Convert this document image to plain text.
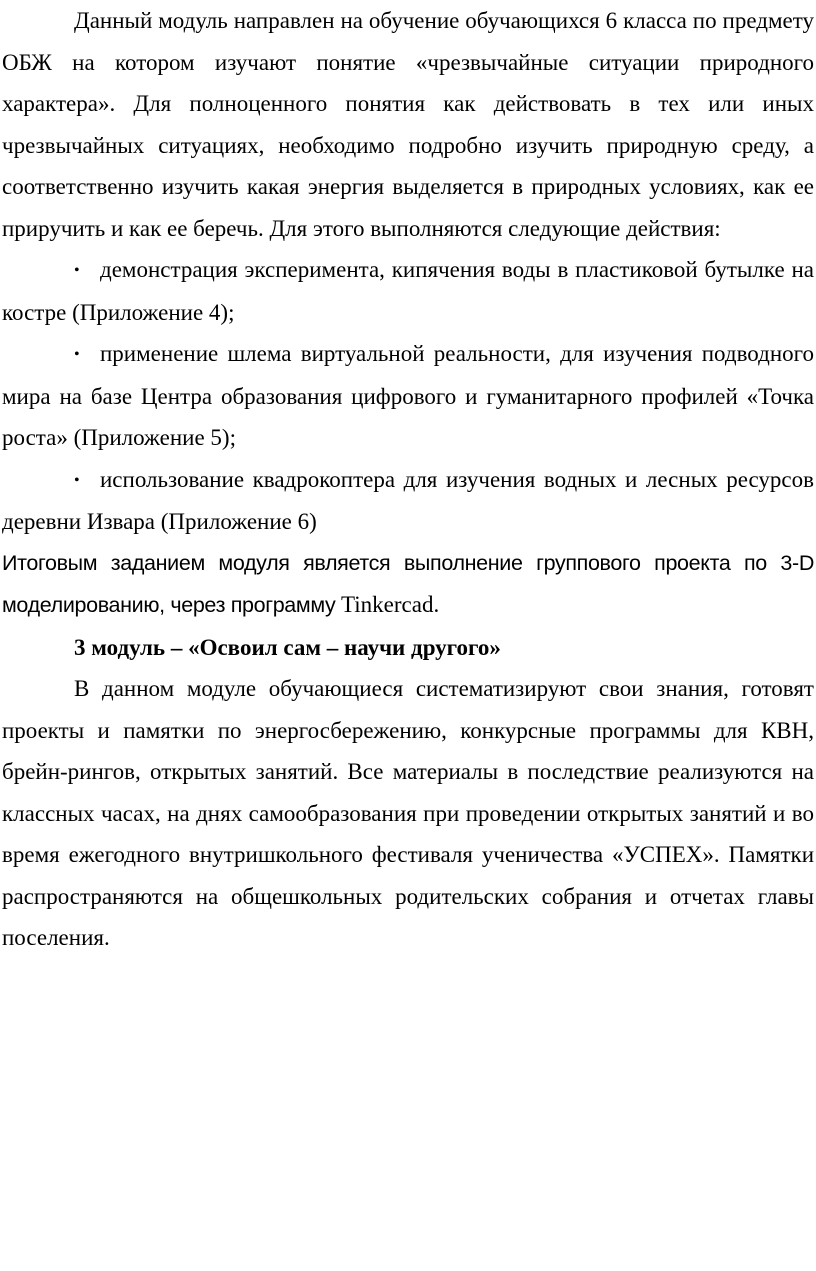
Данный модуль направлен на обучение обучающихся 6 класса по предмету ОБЖ на котором изучают понятие «чрезвычайные ситуации природного характера». Для полноценного понятия как действовать в тех или иных чрезвычайных ситуациях, необходимо подробно изучить природную среду, а соответственно изучить какая энергия выделяется в природных условиях, как ее приручить и как ее беречь. Для этого выполняются следующие действия:

• демонстрация эксперимента, кипячения воды в пластиковой бутылке на костре (Приложение 4);

• применение шлема виртуальной реальности, для изучения подводного мира на базе Центра образования цифрового и гуманитарного профилей «Точка роста» (Приложение 5);

• использование квадрокоптера для изучения водных и лесных ресурсов деревни Извара (Приложение 6)

Итоговым заданием модуля является выполнение группового проекта по 3-D моделированию, через программу Tinkercad.

3 модуль – «Освоил сам – научи другого»

В данном модуле обучающиеся систематизируют свои знания, готовят проекты и памятки по энергосбережению, конкурсные программы для КВН, брейн-рингов, открытых занятий. Все материалы в последствие реализуются на классных часах, на днях самообразования при проведении открытых занятий и во время ежегодного внутришкольного фестиваля ученичества «УСПЕХ». Памятки распространяются на общешкольных родительских собрания и отчетах главы поселения.
